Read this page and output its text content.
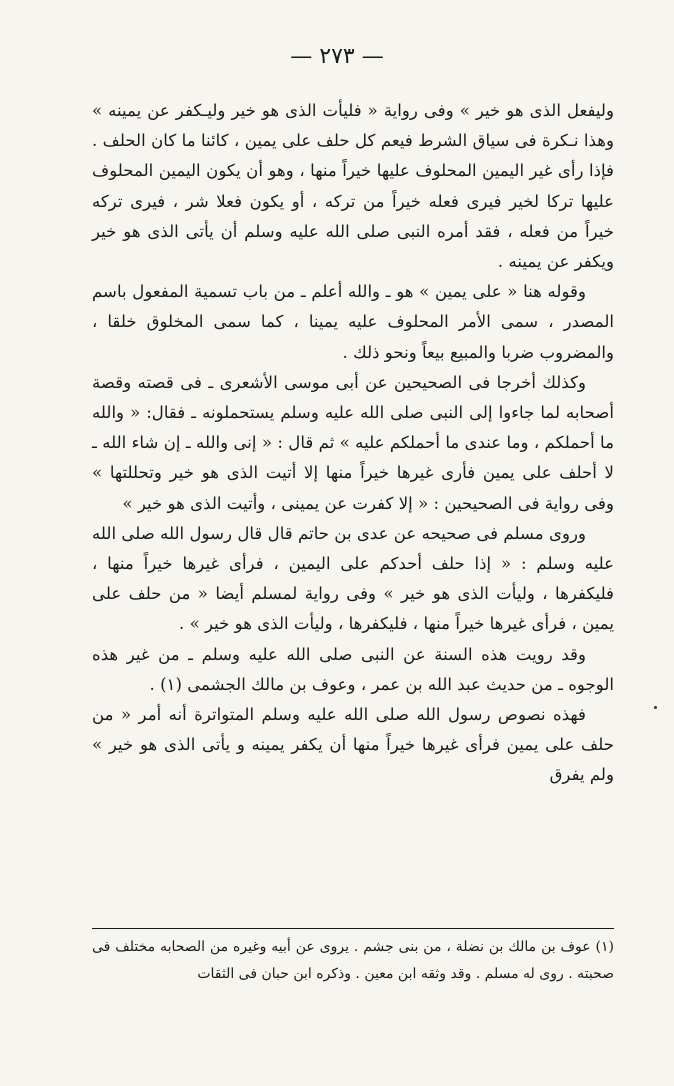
— ٢٧٣ —

وليفعل الذى هو خير » وفى رواية « فليأت الذى هو خير وليـكفر عن يمينه » وهذا نـكرة فى سياق الشرط فيعم كل حلف على يمين ، كائنا ما كان الحلف . فإذا رأى غير اليمين المحلوف عليها خيراً منها ، وهو أن يكون اليمين المحلوف عليها تركا لخير فيرى فعله خيراً من تركه ، أو يكون فعلا شر ، فيرى تركه خيراً من فعله ، فقد أمره النبى صلى الله عليه وسلم أن يأتى الذى هو خير ويكفر عن يمينه .

وقوله هنا « على يمين » هو ـ والله أعلم ـ من باب تسمية المفعول باسم المصدر ، سمى الأمر المحلوف عليه يمينا ، كما سمى المخلوق خلقا ، والمضروب ضربا والمبيع بيعاً ونحو ذلك .

وكذلك أخرجا فى الصحيحين عن أبى موسى الأشعرى ـ فى قصته وقصة أصحابه لما جاءوا إلى النبى صلى الله عليه وسلم يستحملونه ـ فقال: « والله ما أحملكم ، وما عندى ما أحملكم عليه » ثم قال : « إنى والله ـ إن شاء الله ـ لا أحلف على يمين فأرى غيرها خيراً منها إلا أتيت الذى هو خير وتحللتها » وفى رواية فى الصحيحين : « إلا كفرت عن يمينى ، وأتيت الذى هو خير »

وروى مسلم فى صحيحه عن عدى بن حاتم قال قال رسول الله صلى الله عليه وسلم : « إذا حلف أحدكم على اليمين ، فرأى غيرها خيراً منها ، فليكفرها ، وليأت الذى هو خير » وفى رواية لمسلم أيضا « من حلف على يمين ، فرأى غيرها خيراً منها ، فليكفرها ، وليأت الذى هو خير » .

وقد رويت هذه السنة عن النبى صلى الله عليه وسلم ـ من غير هذه الوجوه ـ من حديث عبد الله بن عمر ، وعوف بن مالك الجشمى (١) .

فهذه نصوص رسول الله صلى الله عليه وسلم المتواترة أنه أمر « من حلف على يمين فرأى غيرها خيراً منها أن يكفر يمينه و يأتى الذى هو خير » ولم يفرق

(١) عوف بن مالك بن نضلة ، من بنى جشم . يروى عن أبيه وغيره من الصحابه مختلف فى صحبته . روى له مسلم . وقد وثقه ابن معين . وذكره ابن حبان فى الثقات
